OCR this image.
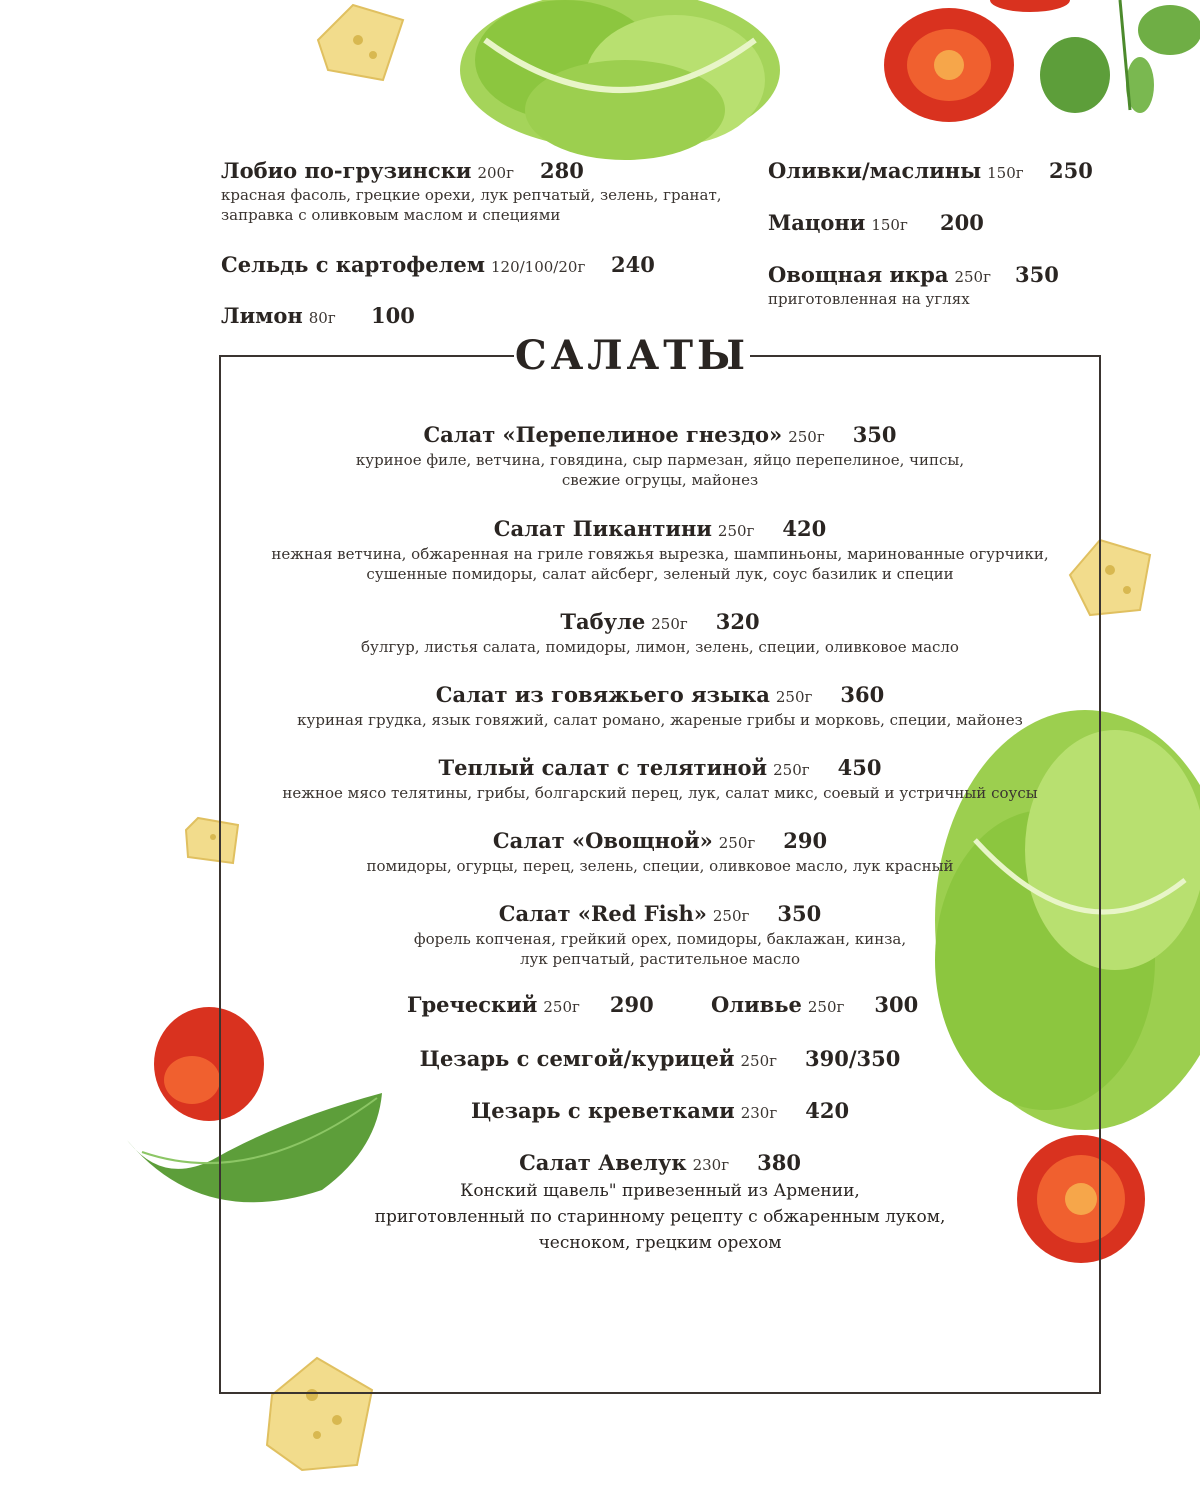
Лобио по-грузински 200г 280
красная фасоль, грецкие орехи, лук репчатый, зелень, гранат,
заправка с оливковым маслом и специями
Сельдь с картофелем 120/100/20г 240
Лимон 80г 100
Оливки/маслины 150г 250
Мацони 150г 200
Овощная икра 250г 350
приготовленная на углях
САЛАТЫ
Салат «Перепелиное гнездо» 250г 350
куриное филе, ветчина, говядина, сыр пармезан, яйцо перепелиное, чипсы,
свежие огруцы, майонез
Салат Пикантини 250г 420
нежная ветчина, обжаренная на гриле говяжья вырезка, шампиньоны, маринованные огурчики,
сушенные помидоры, салат айсберг, зеленый лук, соус базилик и специи
Табуле 250г 320
булгур, листья салата, помидоры, лимон, зелень, специи, оливковое масло
Салат из говяжьего языка 250г 360
куриная грудка, язык говяжий, салат романо, жареные грибы и морковь, специи, майонез
Теплый салат с телятиной 250г 450
нежное мясо телятины, грибы, болгарский перец, лук, салат микс, соевый и устричный соусы
Салат «Овощной» 250г 290
помидоры, огурцы, перец, зелень, специи, оливковое масло, лук красный
Салат «Red Fish» 250г 350
форель копченая, грейкий орех, помидоры, баклажан, кинза,
лук репчатый, растительное масло
Греческий 250г 290	Оливье 250г 300
Цезарь с семгой/курицей 250г 390/350
Цезарь с креветками 230г 420
Салат Авелук 230г 380
Конский щавель" привезенный из Армении,
приготовленный по старинному рецепту с обжаренным луком,
чесноком, грецким орехом
